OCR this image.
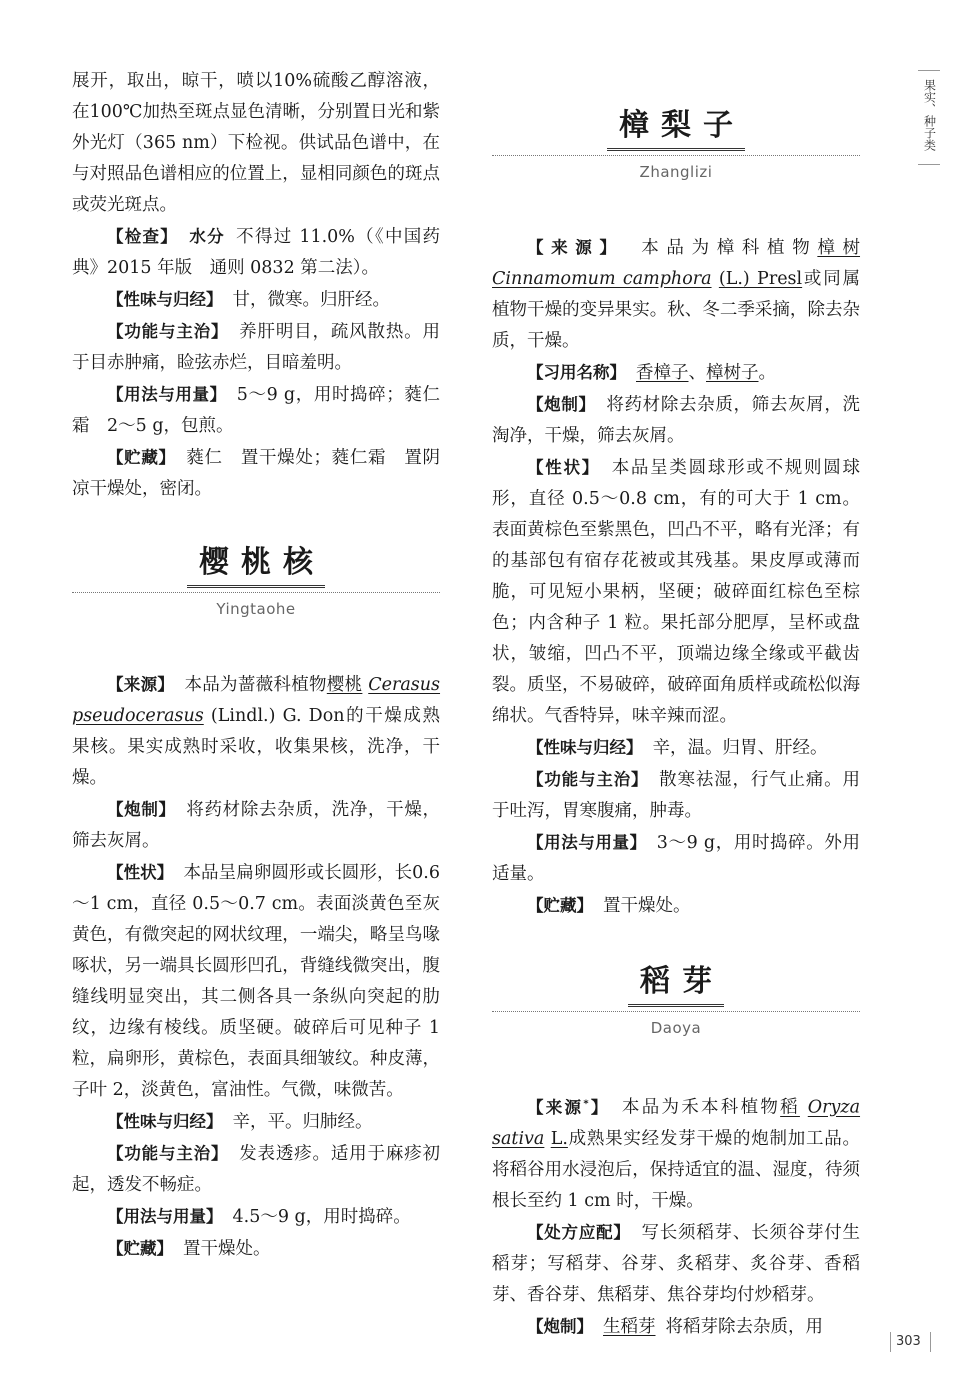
展开，取出，晾干，喷以10%硫酸乙醇溶液，在100℃加热至斑点显色清晰，分别置日光和紫外光灯（365 nm）下检视。供试品色谱中，在与对照品色谱相应的位置上，显相同颜色的斑点或荧光斑点。

【检查】 水分 不得过 11.0%（《中国药典》2015 年版　通则 0832 第二法）。

【性味与归经】 甘，微寒。归肝经。

【功能与主治】 养肝明目，疏风散热。用于目赤肿痛，睑弦赤烂，目暗羞明。

【用法与用量】 5～9 g，用时捣碎；蕤仁霜　2～5 g，包煎。

【贮藏】 蕤仁　置干燥处；蕤仁霜　置阴凉干燥处，密闭。

樱桃核
Yingtaohe

【来源】 本品为蔷薇科植物樱桃 Cerasus pseudocerasus (Lindl.) G. Don的干燥成熟果核。果实成熟时采收，收集果核，洗净，干燥。

【炮制】 将药材除去杂质，洗净，干燥，筛去灰屑。

【性状】 本品呈扁卵圆形或长圆形，长0.6～1 cm，直径 0.5～0.7 cm。表面淡黄色至灰黄色，有微突起的网状纹理，一端尖，略呈鸟喙啄状，另一端具长圆形凹孔，背缝线微突出，腹缝线明显突出，其二侧各具一条纵向突起的肋纹，边缘有棱线。质坚硬。破碎后可见种子 1 粒，扁卵形，黄棕色，表面具细皱纹。种皮薄，子叶 2，淡黄色，富油性。气微，味微苦。

【性味与归经】 辛，平。归肺经。

【功能与主治】 发表透疹。适用于麻疹初起，透发不畅症。

【用法与用量】 4.5～9 g，用时捣碎。

【贮藏】 置干燥处。

樟梨子
Zhanglizi

【来源】 本品为樟科植物樟树 Cinnamomum camphora (L.) Presl或同属植物干燥的变异果实。秋、冬二季采摘，除去杂质，干燥。

【习用名称】 香樟子、樟树子。

【炮制】 将药材除去杂质，筛去灰屑，洗淘净，干燥，筛去灰屑。

【性状】 本品呈类圆球形或不规则圆球形，直径 0.5～0.8 cm，有的可大于 1 cm。表面黄棕色至紫黑色，凹凸不平，略有光泽；有的基部包有宿存花被或其残基。果皮厚或薄而脆，可见短小果柄，坚硬；破碎面红棕色至棕色；内含种子 1 粒。果托部分肥厚，呈杯或盘状，皱缩，凹凸不平，顶端边缘全缘或平截齿裂。质坚，不易破碎，破碎面角质样或疏松似海绵状。气香特异，味辛辣而涩。

【性味与归经】 辛，温。归胃、肝经。

【功能与主治】 散寒祛湿，行气止痛。用于吐泻，胃寒腹痛，肿毒。

【用法与用量】 3～9 g，用时捣碎。外用适量。

【贮藏】 置干燥处。

稻芽
Daoya

【来源*】 本品为禾本科植物稻 Oryza sativa L.成熟果实经发芽干燥的炮制加工品。将稻谷用水浸泡后，保持适宜的温、湿度，待须根长至约 1 cm 时，干燥。

【处方应配】 写长须稻芽、长须谷芽付生稻芽；写稻芽、谷芽、炙稻芽、炙谷芽、香稻芽、香谷芽、焦稻芽、焦谷芽均付炒稻芽。

【炮制】 生稻芽 将稻芽除去杂质，用

果实、种子类
303
